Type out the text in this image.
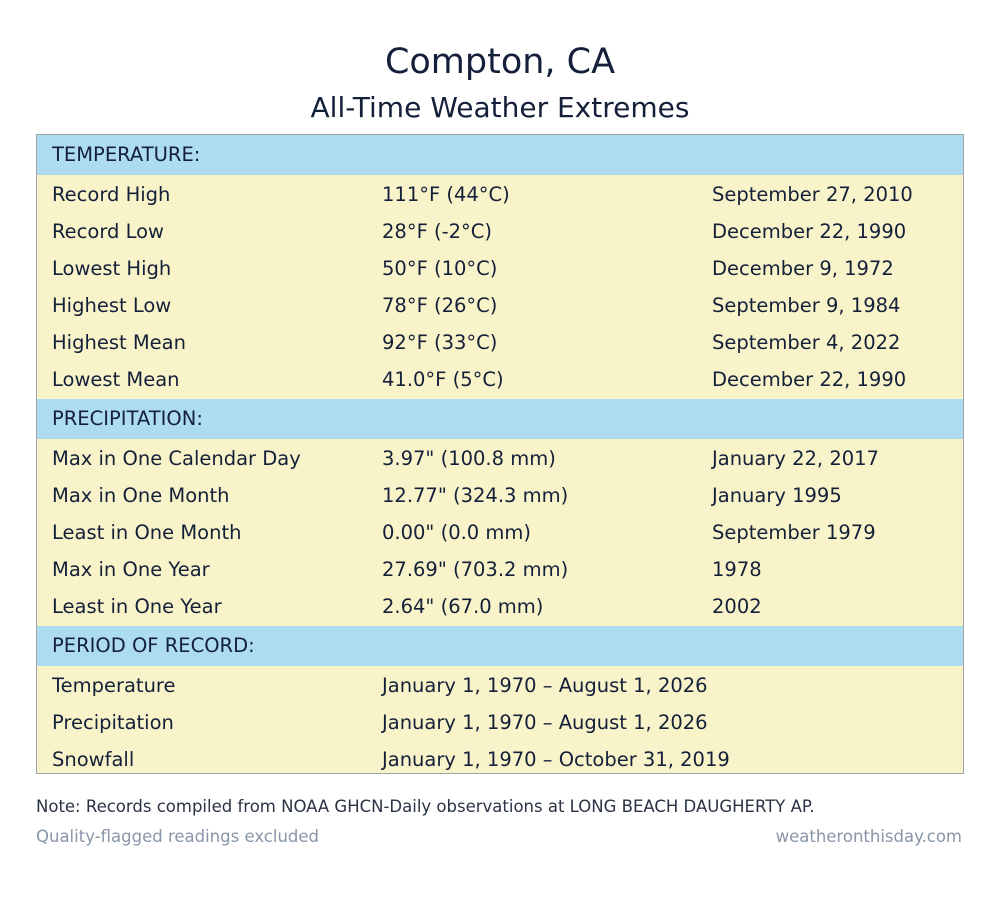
Compton, CA
All-Time Weather Extremes
TEMPERATURE:
Record High	111°F (44°C)	September 27, 2010
Record Low	28°F (-2°C)	December 22, 1990
Lowest High	50°F (10°C)	December 9, 1972
Highest Low	78°F (26°C)	September 9, 1984
Highest Mean	92°F (33°C)	September 4, 2022
Lowest Mean	41.0°F (5°C)	December 22, 1990
PRECIPITATION:
Max in One Calendar Day	3.97" (100.8 mm)	January 22, 2017
Max in One Month	12.77" (324.3 mm)	January 1995
Least in One Month	0.00" (0.0 mm)	September 1979
Max in One Year	27.69" (703.2 mm)	1978
Least in One Year	2.64" (67.0 mm)	2002
PERIOD OF RECORD:
Temperature	January 1, 1970 – August 1, 2026
Precipitation	January 1, 1970 – August 1, 2026
Snowfall	January 1, 1970 – October 31, 2019
Note: Records compiled from NOAA GHCN-Daily observations at LONG BEACH DAUGHERTY AP.
Quality-flagged readings excluded	weatheronthisday.com
